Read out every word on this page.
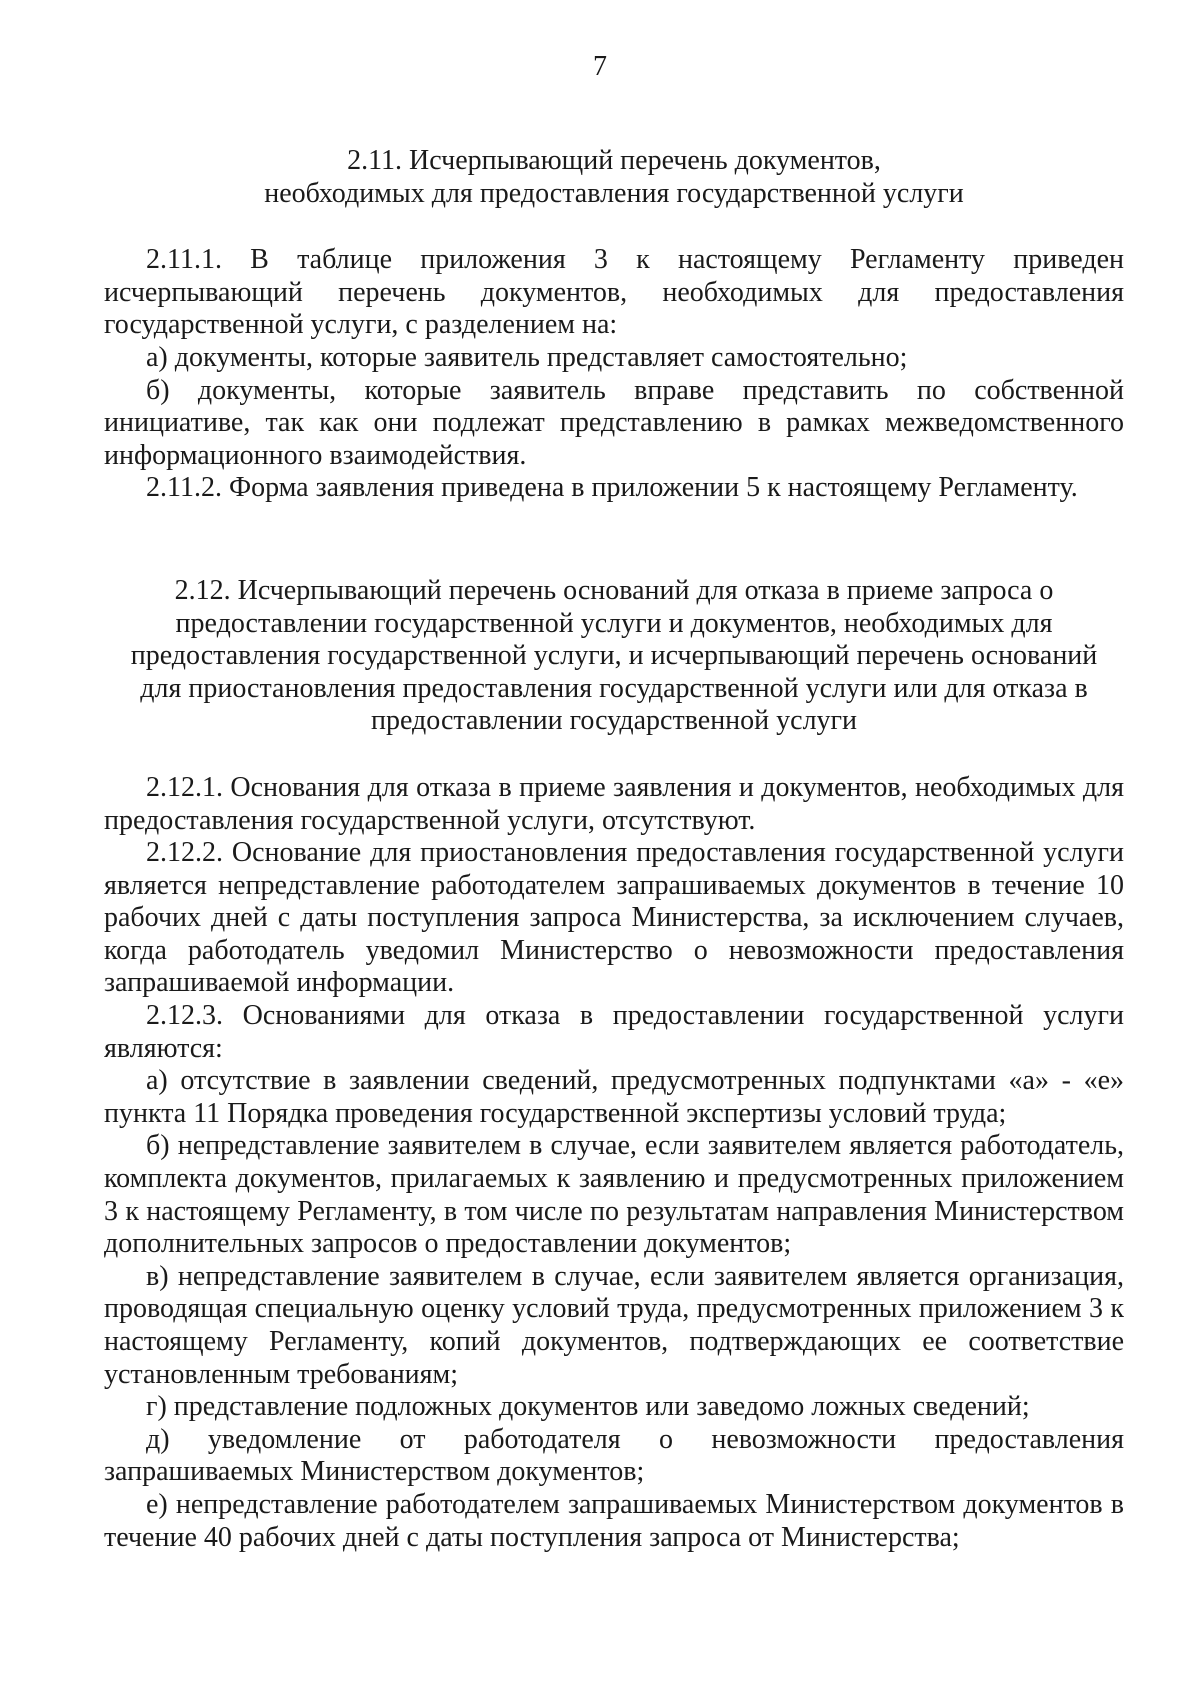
7
2.11. Исчерпывающий перечень документов,
необходимых для предоставления государственной услуги

2.11.1. В таблице приложения 3 к настоящему Регламенту приведен исчерпывающий перечень документов, необходимых для предоставления государственной услуги, с разделением на:

а) документы, которые заявитель представляет самостоятельно;

б) документы, которые заявитель вправе представить по собственной инициативе, так как они подлежат представлению в рамках межведомственного информационного взаимодействия.

2.11.2. Форма заявления приведена в приложении 5 к настоящему Регламенту.

2.12. Исчерпывающий перечень оснований для отказа в приеме запроса о
предоставлении государственной услуги и документов, необходимых для
предоставления государственной услуги, и исчерпывающий перечень оснований
для приостановления предоставления государственной услуги или для отказа в
предоставлении государственной услуги

2.12.1. Основания для отказа в приеме заявления и документов, необходимых для предоставления государственной услуги, отсутствуют.

2.12.2. Основание для приостановления предоставления государственной услуги является непредставление работодателем запрашиваемых документов в течение 10 рабочих дней с даты поступления запроса Министерства, за исключением случаев, когда работодатель уведомил Министерство о невозможности предоставления запрашиваемой информации.

2.12.3. Основаниями для отказа в предоставлении государственной услуги являются:

а) отсутствие в заявлении сведений, предусмотренных подпунктами «а» - «е» пункта 11 Порядка проведения государственной экспертизы условий труда;

б) непредставление заявителем в случае, если заявителем является работодатель, комплекта документов, прилагаемых к заявлению и предусмотренных приложением 3 к настоящему Регламенту, в том числе по результатам направления Министерством дополнительных запросов о предоставлении документов;

в) непредставление заявителем в случае, если заявителем является организация, проводящая специальную оценку условий труда, предусмотренных приложением 3 к настоящему Регламенту, копий документов, подтверждающих ее соответствие установленным требованиям;

г) представление подложных документов или заведомо ложных сведений;

д) уведомление от работодателя о невозможности предоставления запрашиваемых Министерством документов;

е) непредставление работодателем запрашиваемых Министерством документов в течение 40 рабочих дней с даты поступления запроса от Министерства;
